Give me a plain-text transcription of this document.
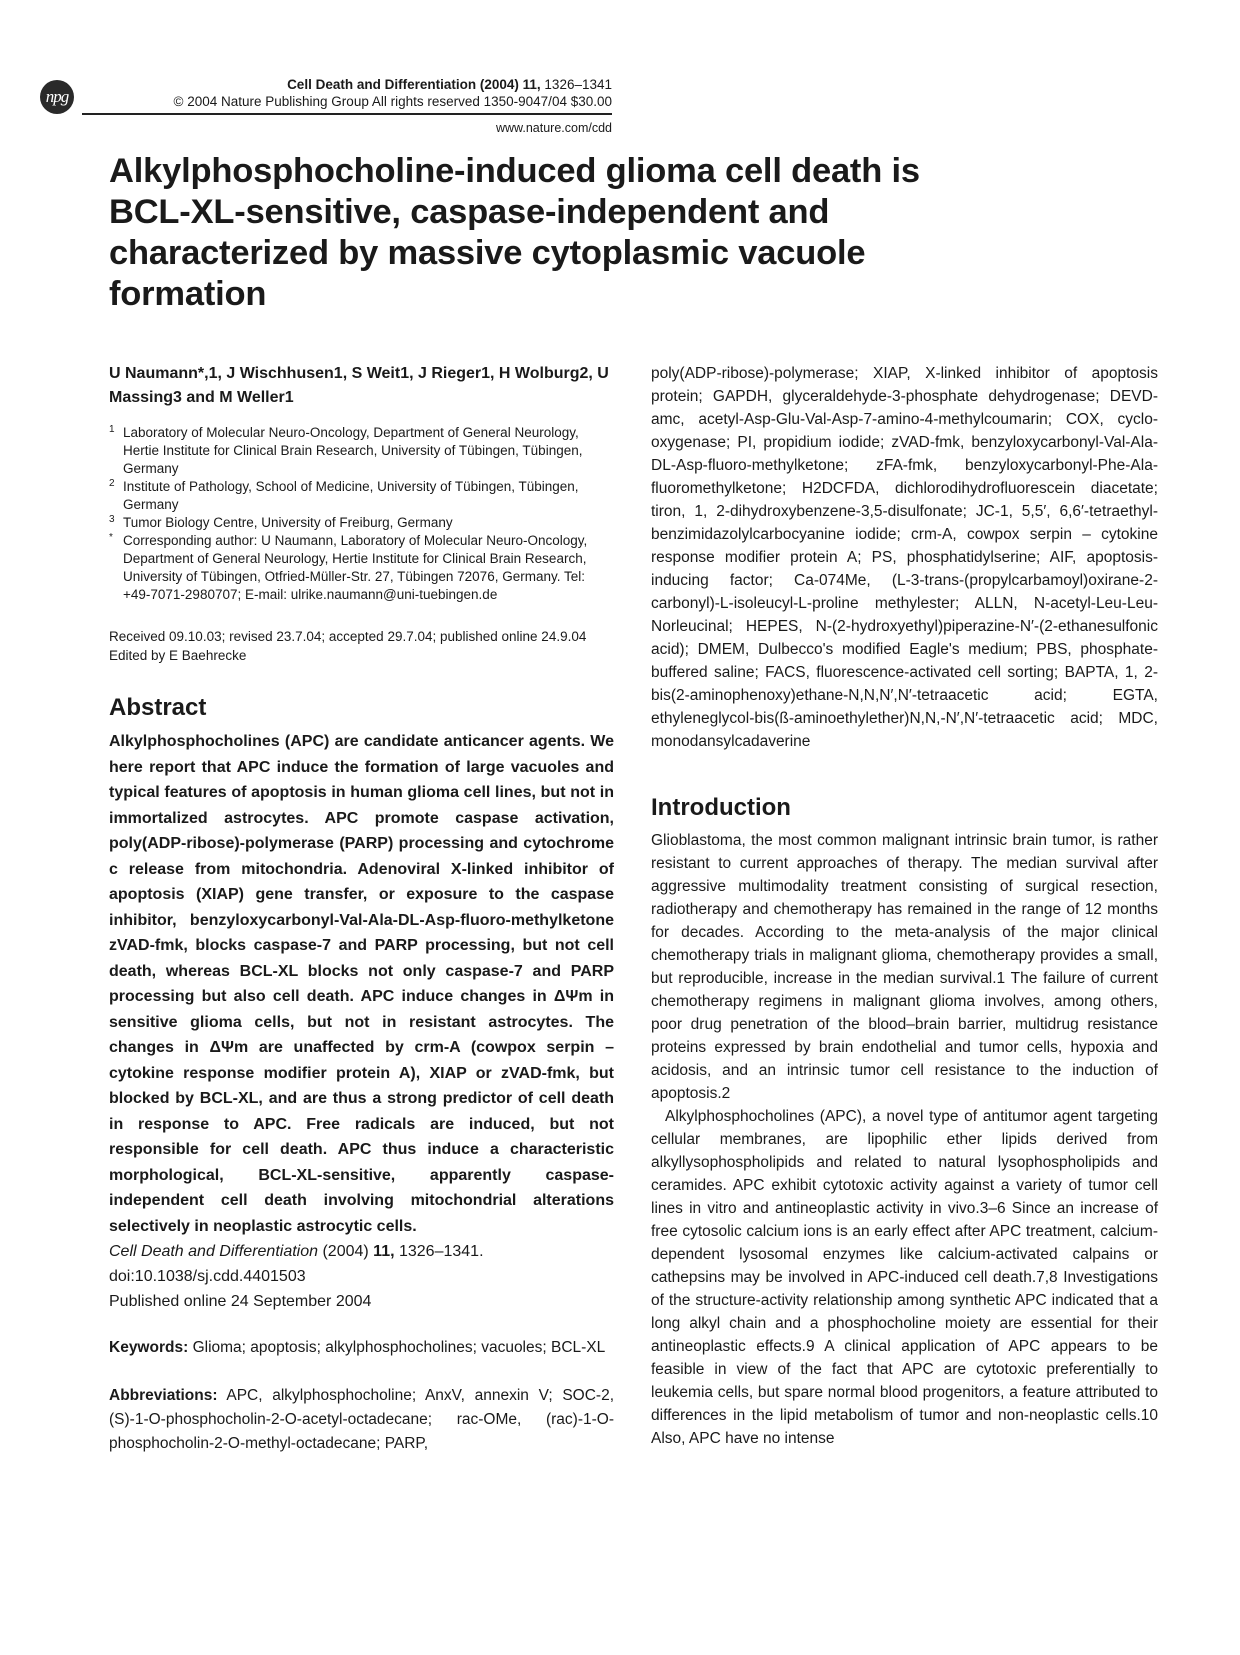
npg
Cell Death and Differentiation (2004) 11, 1326–1341
© 2004 Nature Publishing Group All rights reserved 1350-9047/04 $30.00
www.nature.com/cdd
Alkylphosphocholine-induced glioma cell death is BCL-XL-sensitive, caspase-independent and characterized by massive cytoplasmic vacuole formation

U Naumann*,1, J Wischhusen1, S Weit1, J Rieger1, H Wolburg2, U Massing3 and M Weller1

1 Laboratory of Molecular Neuro-Oncology, Department of General Neurology, Hertie Institute for Clinical Brain Research, University of Tübingen, Tübingen, Germany

2 Institute of Pathology, School of Medicine, University of Tübingen, Tübingen, Germany

3 Tumor Biology Centre, University of Freiburg, Germany

* Corresponding author: U Naumann, Laboratory of Molecular Neuro-Oncology, Department of General Neurology, Hertie Institute for Clinical Brain Research, University of Tübingen, Otfried-Müller-Str. 27, Tübingen 72076, Germany. Tel: +49-7071-2980707; E-mail: ulrike.naumann@uni-tuebingen.de

Received 09.10.03; revised 23.7.04; accepted 29.7.04; published online 24.9.04
Edited by E Baehrecke

Abstract

Alkylphosphocholines (APC) are candidate anticancer agents. We here report that APC induce the formation of large vacuoles and typical features of apoptosis in human glioma cell lines, but not in immortalized astrocytes. APC promote caspase activation, poly(ADP-ribose)-polymerase (PARP) processing and cytochrome c release from mitochondria. Adenoviral X-linked inhibitor of apoptosis (XIAP) gene transfer, or exposure to the caspase inhibitor, benzyloxycarbonyl-Val-Ala-DL-Asp-fluoro-methylketone zVAD-fmk, blocks caspase-7 and PARP processing, but not cell death, whereas BCL-XL blocks not only caspase-7 and PARP processing but also cell death. APC induce changes in ΔΨm in sensitive glioma cells, but not in resistant astrocytes. The changes in ΔΨm are unaffected by crm-A (cowpox serpin – cytokine response modifier protein A), XIAP or zVAD-fmk, but blocked by BCL-XL, and are thus a strong predictor of cell death in response to APC. Free radicals are induced, but not responsible for cell death. APC thus induce a characteristic morphological, BCL-XL-sensitive, apparently caspase-independent cell death involving mitochondrial alterations selectively in neoplastic astrocytic cells.

Cell Death and Differentiation (2004) 11, 1326–1341.
doi:10.1038/sj.cdd.4401503
Published online 24 September 2004

Keywords: Glioma; apoptosis; alkylphosphocholines; vacuoles; BCL-XL

Abbreviations: APC, alkylphosphocholine; AnxV, annexin V; SOC-2, (S)-1-O-phosphocholin-2-O-acetyl-octadecane; rac-OMe, (rac)-1-O-phosphocholin-2-O-methyl-octadecane; PARP,

poly(ADP-ribose)-polymerase; XIAP, X-linked inhibitor of apoptosis protein; GAPDH, glyceraldehyde-3-phosphate dehydrogenase; DEVD-amc, acetyl-Asp-Glu-Val-Asp-7-amino-4-methylcoumarin; COX, cyclo-oxygenase; PI, propidium iodide; zVAD-fmk, benzyloxycarbonyl-Val-Ala-DL-Asp-fluoro-methylketone; zFA-fmk, benzyloxycarbonyl-Phe-Ala-fluoromethylketone; H2DCFDA, dichlorodihydrofluorescein diacetate; tiron, 1, 2-dihydroxybenzene-3,5-disulfonate; JC-1, 5,5′, 6,6′-tetraethyl-benzimidazolylcarbocyanine iodide; crm-A, cowpox serpin – cytokine response modifier protein A; PS, phosphatidylserine; AIF, apoptosis-inducing factor; Ca-074Me, (L-3-trans-(propylcarbamoyl)oxirane-2-carbonyl)-L-isoleucyl-L-proline methylester; ALLN, N-acetyl-Leu-Leu-Norleucinal; HEPES, N-(2-hydroxyethyl)piperazine-N′-(2-ethanesulfonic acid); DMEM, Dulbecco's modified Eagle's medium; PBS, phosphate-buffered saline; FACS, fluorescence-activated cell sorting; BAPTA, 1, 2-bis(2-aminophenoxy)ethane-N,N,N′,N′-tetraacetic acid; EGTA, ethyleneglycol-bis(ß-aminoethylether)N,N,-N′,N′-tetraacetic acid; MDC, monodansylcadaverine

Introduction

Glioblastoma, the most common malignant intrinsic brain tumor, is rather resistant to current approaches of therapy. The median survival after aggressive multimodality treatment consisting of surgical resection, radiotherapy and chemotherapy has remained in the range of 12 months for decades. According to the meta-analysis of the major clinical chemotherapy trials in malignant glioma, chemotherapy provides a small, but reproducible, increase in the median survival.1 The failure of current chemotherapy regimens in malignant glioma involves, among others, poor drug penetration of the blood–brain barrier, multidrug resistance proteins expressed by brain endothelial and tumor cells, hypoxia and acidosis, and an intrinsic tumor cell resistance to the induction of apoptosis.2

Alkylphosphocholines (APC), a novel type of antitumor agent targeting cellular membranes, are lipophilic ether lipids derived from alkyllysophospholipids and related to natural lysophospholipids and ceramides. APC exhibit cytotoxic activity against a variety of tumor cell lines in vitro and antineoplastic activity in vivo.3–6 Since an increase of free cytosolic calcium ions is an early effect after APC treatment, calcium-dependent lysosomal enzymes like calcium-activated calpains or cathepsins may be involved in APC-induced cell death.7,8 Investigations of the structure-activity relationship among synthetic APC indicated that a long alkyl chain and a phosphocholine moiety are essential for their antineoplastic effects.9 A clinical application of APC appears to be feasible in view of the fact that APC are cytotoxic preferentially to leukemia cells, but spare normal blood progenitors, a feature attributed to differences in the lipid metabolism of tumor and non-neoplastic cells.10 Also, APC have no intense
